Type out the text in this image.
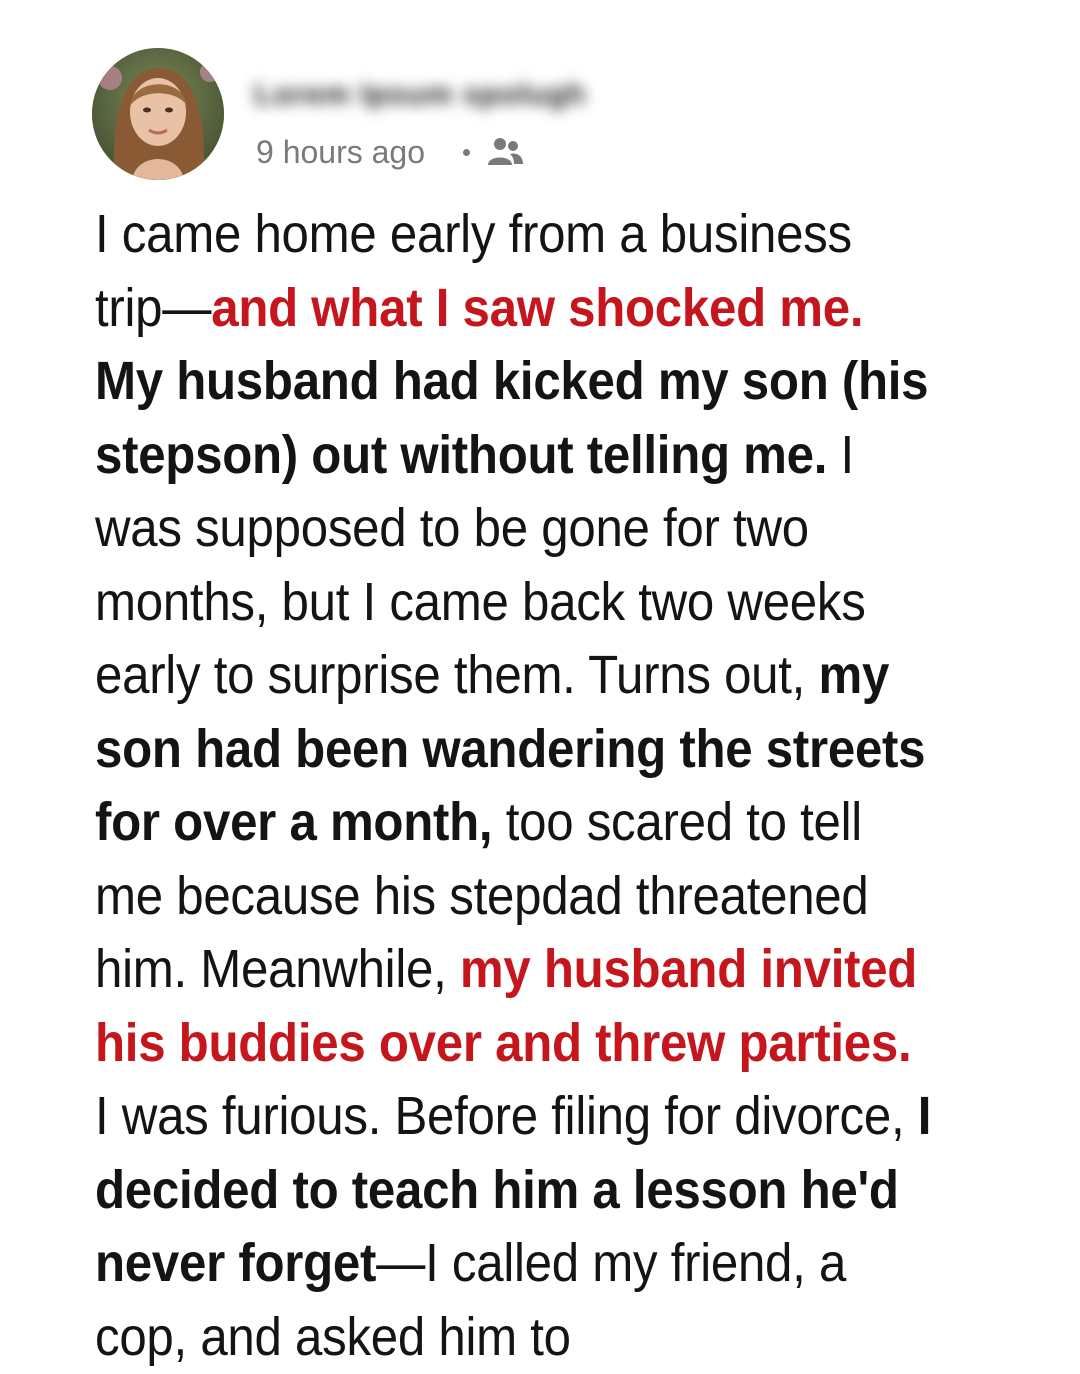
Lorem Ipsum spolugh
9 hours ago

I came home early from a business trip—and what I saw shocked me. My husband had kicked my son (his stepson) out without telling me. I was supposed to be gone for two months, but I came back two weeks early to surprise them. Turns out, my son had been wandering the streets for over a month, too scared to tell me because his stepdad threatened him. Meanwhile, my husband invited his buddies over and threw parties. I was furious. Before filing for divorce, I decided to teach him a lesson he'd never forget—I called my friend, a cop, and asked him to
